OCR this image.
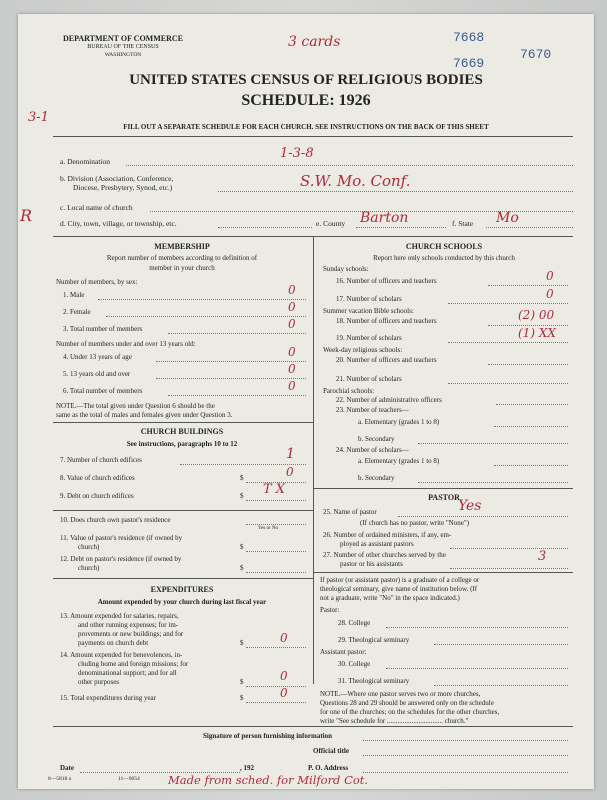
DEPARTMENT OF COMMERCE
BUREAU OF THE CENSUS
WASHINGTON
3 cards	7668
7670
7669
UNITED STATES CENSUS OF RELIGIOUS BODIES
SCHEDULE: 1926
3-1
FILL OUT A SEPARATE SCHEDULE FOR EACH CHURCH. SEE INSTRUCTIONS ON THE BACK OF THIS SHEET
a. Denomination
1-3-8
b. Division (Association, Conference,
Diocese, Presbytery, Synod, etc.)	S.W. Mo. Conf.
c. Local name of church
R	d. City, town, village, or township, etc.	e. County Barton	f. State Mo
MEMBERSHIP
Report number of members according to definition of
member in your church
Number of members, by sex:
1. Male	0
2. Female	0
3. Total number of members	0
Number of members under and over 13 years old:
4. Under 13 years of age	0
5. 13 years old and over	0
6. Total number of members	0
NOTE.—The total given under Question 6 should be the
same as the total of males and females given under Question 3.
CHURCH BUILDINGS
See instructions, paragraphs 10 to 12
7. Number of church edifices	1
8. Value of church edifices	$	0
9. Debt on church edifices	$ T X
10. Does church own pastor's residence
Yes or No
11. Value of pastor's residence (if owned by
church)	$
12. Debt on pastor's residence (if owned by
church)	$
EXPENDITURES
Amount expended by your church during last fiscal year
13. Amount expended for salaries, repairs,
and other running expenses; for im-
provements or new buildings; and for
payments on church debt	$	0
14. Amount expended for benevolences, in-
cluding home and foreign missions; for
denominational support; and for all
other purposes	$	0
15. Total expenditures during year	$	0
CHURCH SCHOOLS
Report here only schools conducted by this church
Sunday schools:
16. Number of officers and teachers	0
17. Number of scholars	0
Summer vacation Bible schools:
18. Number of officers and teachers	(2) 00
19. Number of scholars	(1) XX
Week-day religious schools:
20. Number of officers and teachers
21. Number of scholars
Parochial schools:
22. Number of administrative officers
23. Number of teachers—
a. Elementary (grades 1 to 8)
b. Secondary
24. Number of scholars—
a. Elementary (grades 1 to 8)
b. Secondary
PASTOR
25. Name of pastor	Yes
(If church has no pastor, write "None")
26. Number of ordained ministers, if any, em-
ployed as assistant pastors
27. Number of other churches served by the
pastor or his assistants	3
If pastor (or assistant pastor) is a graduate of a college or
theological seminary, give name of institution below. (If
not a graduate, write "No" in the space indicated.)
Pastor:
28. College
29. Theological seminary
Assistant pastor:
30. College
31. Theological seminary
NOTE.—Where one pastor serves two or more churches,
Questions 28 and 29 should be answered only on the schedule
for one of the churches; on the schedules for the other churches,
write "See schedule for ................................ church."
Signature of person furnishing information
Official title
Date	, 192	P. O. Address
8—5818 a	11—9054 Made from sched. for Milford Cot.
